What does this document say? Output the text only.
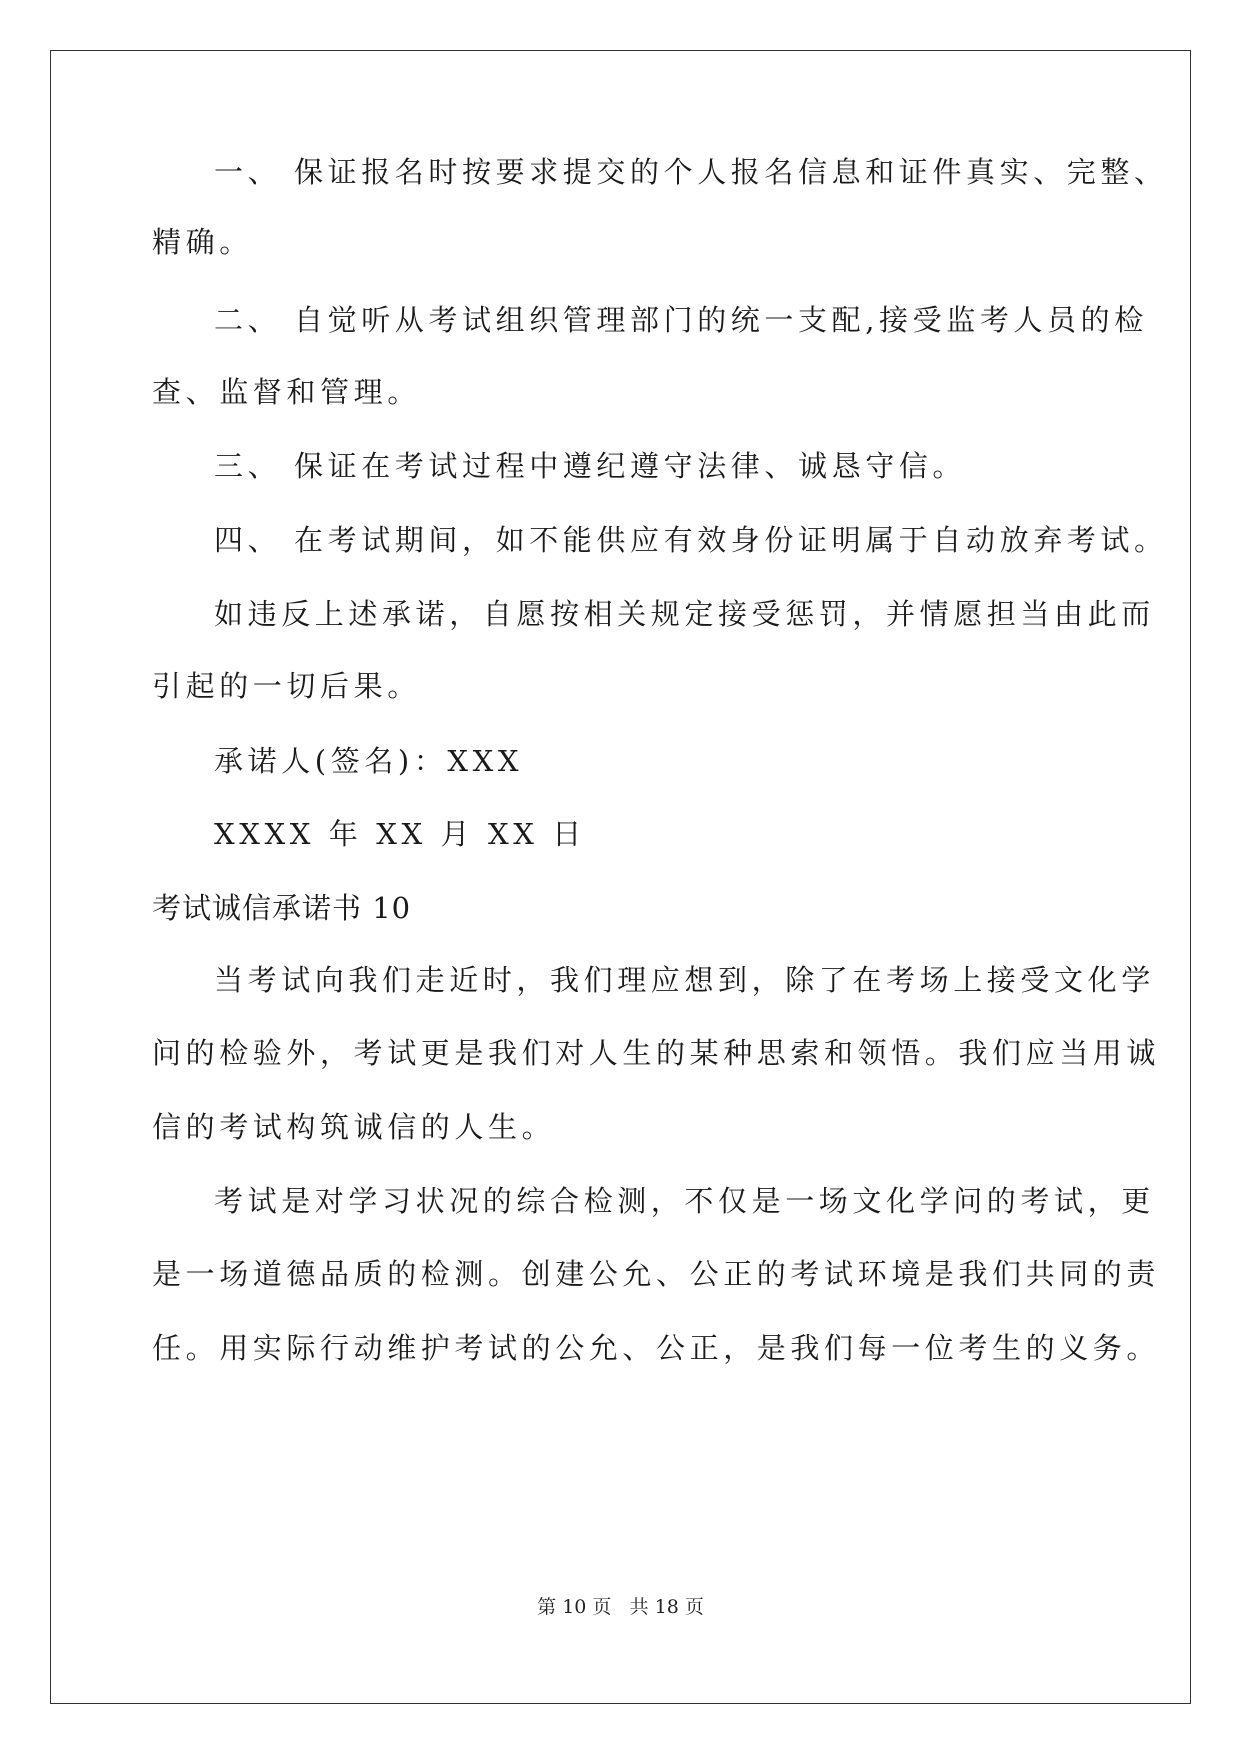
一、 保证报名时按要求提交的个人报名信息和证件真实、完整、
精确。
二、 自觉听从考试组织管理部门的统一支配,接受监考人员的检
查、监督和管理。
三、 保证在考试过程中遵纪遵守法律、诚恳守信。
四、 在考试期间，如不能供应有效身份证明属于自动放弃考试。
如违反上述承诺，自愿按相关规定接受惩罚，并情愿担当由此而
引起的一切后果。
承诺人(签名)：XXX
XXXX 年 XX 月 XX 日
考试诚信承诺书 10
当考试向我们走近时，我们理应想到，除了在考场上接受文化学
问的检验外，考试更是我们对人生的某种思索和领悟。我们应当用诚
信的考试构筑诚信的人生。
考试是对学习状况的综合检测，不仅是一场文化学问的考试，更
是一场道德品质的检测。创建公允、公正的考试环境是我们共同的责
任。用实际行动维护考试的公允、公正，是我们每一位考生的义务。
第 10 页 共 18 页
